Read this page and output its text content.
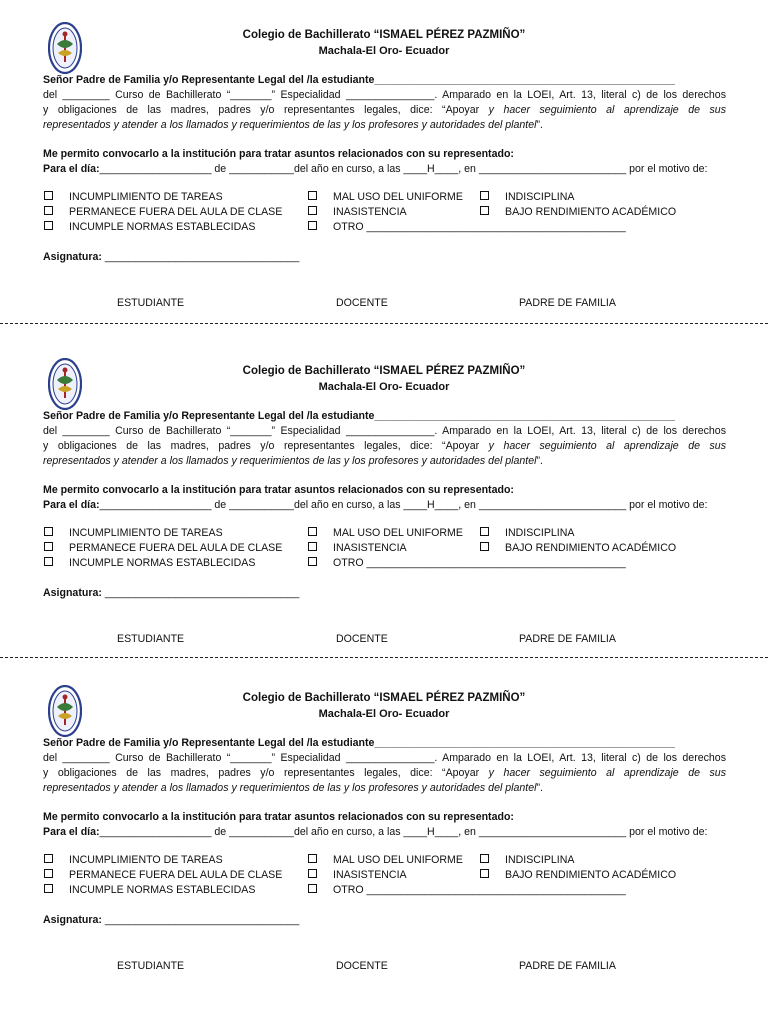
Colegio de Bachillerato “ISMAEL PÉREZ PAZMIÑO”
Machala-El Oro- Ecuador
Señor Padre de Familia y/o Representante Legal del /la estudiante___________________________________________________
del ________ Curso de Bachillerato “_______” Especialidad _______________. Amparado en la LOEI, Art. 13, literal c) de los derechos
y obligaciones de las madres, padres y/o representantes legales, dice: “Apoyar y hacer seguimiento al aprendizaje de sus
representados y atender a los llamados y requerimientos de las y los profesores y autoridades del plantel”.
Me permito convocarlo a la institución para tratar asuntos relacionados con su representado:
Para el día:___________________ de ___________del año en curso, a las ____H____, en _________________________ por el motivo de:
INCUMPLIMIENTO DE TAREAS
PERMANECE FUERA DEL AULA DE CLASE
INCUMPLE NORMAS ESTABLECIDAS
MAL USO DEL UNIFORME
INASISTENCIA
OTRO ____________________________________________
INDISCIPLINA
BAJO RENDIMIENTO ACADÉMICO
Asignatura: _________________________________
ESTUDIANTE	DOCENTE	PADRE DE FAMILIA
Colegio de Bachillerato “ISMAEL PÉREZ PAZMIÑO”
Machala-El Oro- Ecuador
Señor Padre de Familia y/o Representante Legal del /la estudiante___________________________________________________
del ________ Curso de Bachillerato “_______” Especialidad _______________. Amparado en la LOEI, Art. 13, literal c) de los derechos
y obligaciones de las madres, padres y/o representantes legales, dice: “Apoyar y hacer seguimiento al aprendizaje de sus
representados y atender a los llamados y requerimientos de las y los profesores y autoridades del plantel”.
Me permito convocarlo a la institución para tratar asuntos relacionados con su representado:
Para el día:___________________ de ___________del año en curso, a las ____H____, en _________________________ por el motivo de:
INCUMPLIMIENTO DE TAREAS
PERMANECE FUERA DEL AULA DE CLASE
INCUMPLE NORMAS ESTABLECIDAS
MAL USO DEL UNIFORME
INASISTENCIA
OTRO ____________________________________________
INDISCIPLINA
BAJO RENDIMIENTO ACADÉMICO
Asignatura: _________________________________
ESTUDIANTE	DOCENTE	PADRE DE FAMILIA
Colegio de Bachillerato “ISMAEL PÉREZ PAZMIÑO”
Machala-El Oro- Ecuador
Señor Padre de Familia y/o Representante Legal del /la estudiante___________________________________________________
del ________ Curso de Bachillerato “_______” Especialidad _______________. Amparado en la LOEI, Art. 13, literal c) de los derechos
y obligaciones de las madres, padres y/o representantes legales, dice: “Apoyar y hacer seguimiento al aprendizaje de sus
representados y atender a los llamados y requerimientos de las y los profesores y autoridades del plantel”.
Me permito convocarlo a la institución para tratar asuntos relacionados con su representado:
Para el día:___________________ de ___________del año en curso, a las ____H____, en _________________________ por el motivo de:
INCUMPLIMIENTO DE TAREAS
PERMANECE FUERA DEL AULA DE CLASE
INCUMPLE NORMAS ESTABLECIDAS
MAL USO DEL UNIFORME
INASISTENCIA
OTRO ____________________________________________
INDISCIPLINA
BAJO RENDIMIENTO ACADÉMICO
Asignatura: _________________________________
ESTUDIANTE	DOCENTE	PADRE DE FAMILIA
